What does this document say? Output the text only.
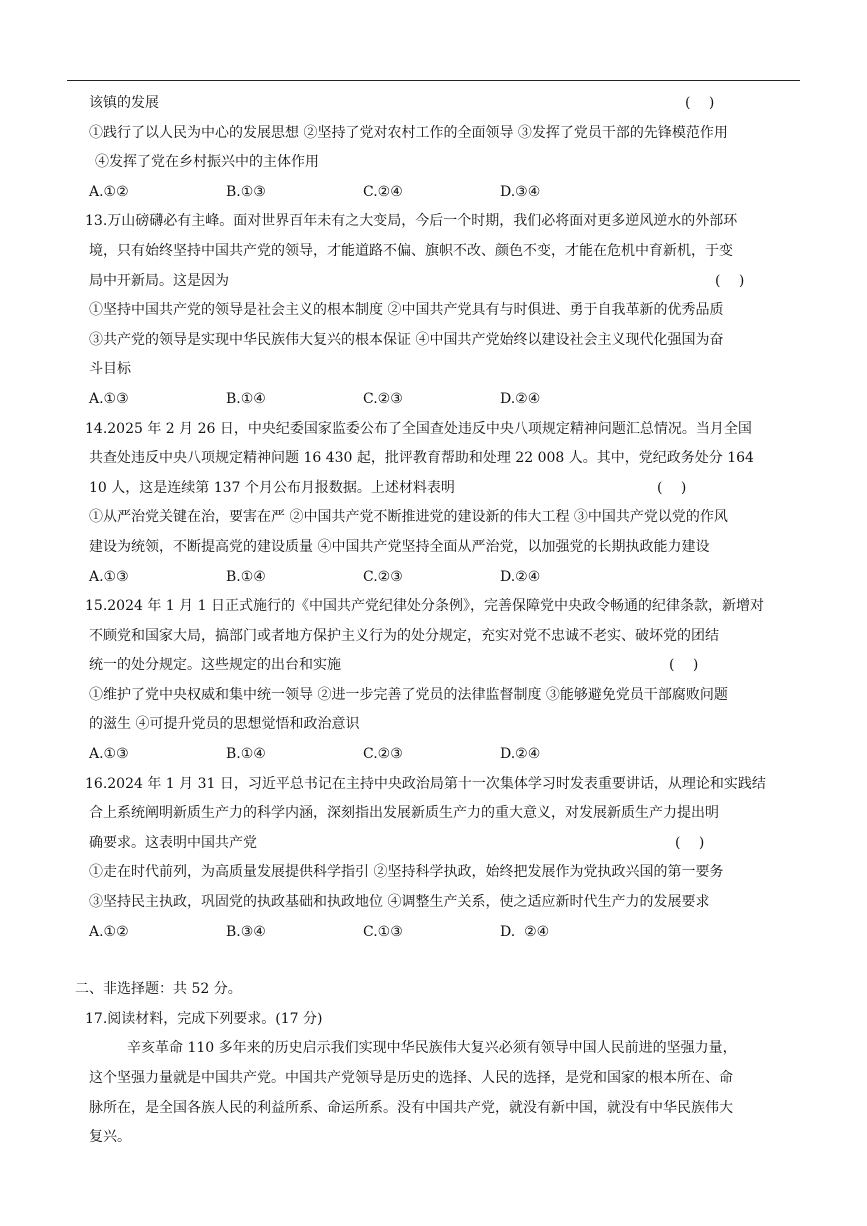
该镇的发展	(　 )
①践行了以人民为中心的发展思想 ②坚持了党对农村工作的全面领导 ③发挥了党员干部的先锋模范作用
④发挥了党在乡村振兴中的主体作用
A.①②	B.①③	C.②④	D.③④
13.万山磅礴必有主峰。面对世界百年未有之大变局，今后一个时期，我们必将面对更多逆风逆水的外部环
境，只有始终坚持中国共产党的领导，才能道路不偏、旗帜不改、颜色不变，才能在危机中育新机，于变
局中开新局。这是因为	(　 )
①坚持中国共产党的领导是社会主义的根本制度 ②中国共产党具有与时俱进、勇于自我革新的优秀品质
③共产党的领导是实现中华民族伟大复兴的根本保证 ④中国共产党始终以建设社会主义现代化强国为奋
斗目标
A.①③	B.①④	C.②③	D.②④
14.2025 年 2 月 26 日，中央纪委国家监委公布了全国查处违反中央八项规定精神问题汇总情况。当月全国
共查处违反中央八项规定精神问题 16 430 起，批评教育帮助和处理 22 008 人。其中，党纪政务处分 164
10 人，这是连续第 137 个月公布月报数据。上述材料表明	(　 )
①从严治党关键在治，要害在严 ②中国共产党不断推进党的建设新的伟大工程 ③中国共产党以党的作风
建设为统领，不断提高党的建设质量 ④中国共产党坚持全面从严治党，以加强党的长期执政能力建设
A.①③	B.①④	C.②③	D.②④
15.2024 年 1 月 1 日正式施行的《中国共产党纪律处分条例》，完善保障党中央政令畅通的纪律条款，新增对
不顾党和国家大局，搞部门或者地方保护主义行为的处分规定，充实对党不忠诚不老实、破坏党的团结
统一的处分规定。这些规定的出台和实施	(　 )
①维护了党中央权威和集中统一领导 ②进一步完善了党员的法律监督制度 ③能够避免党员干部腐败问题
的滋生 ④可提升党员的思想觉悟和政治意识
A.①③	B.①④	C.②③	D.②④
16.2024 年 1 月 31 日，习近平总书记在主持中央政治局第十一次集体学习时发表重要讲话，从理论和实践结
合上系统阐明新质生产力的科学内涵，深刻指出发展新质生产力的重大意义，对发展新质生产力提出明
确要求。这表明中国共产党	(　 )
①走在时代前列，为高质量发展提供科学指引 ②坚持科学执政，始终把发展作为党执政兴国的第一要务
③坚持民主执政，巩固党的执政基础和执政地位 ④调整生产关系，使之适应新时代生产力的发展要求
A.①②	B.③④	C.①③	D.  ②④
二、非选择题：共 52 分。
17.阅读材料，完成下列要求。(17 分)
辛亥革命 110 多年来的历史启示我们实现中华民族伟大复兴必须有领导中国人民前进的坚强力量，
这个坚强力量就是中国共产党。中国共产党领导是历史的选择、人民的选择，是党和国家的根本所在、命
脉所在，是全国各族人民的利益所系、命运所系。没有中国共产党，就没有新中国，就没有中华民族伟大
复兴。
